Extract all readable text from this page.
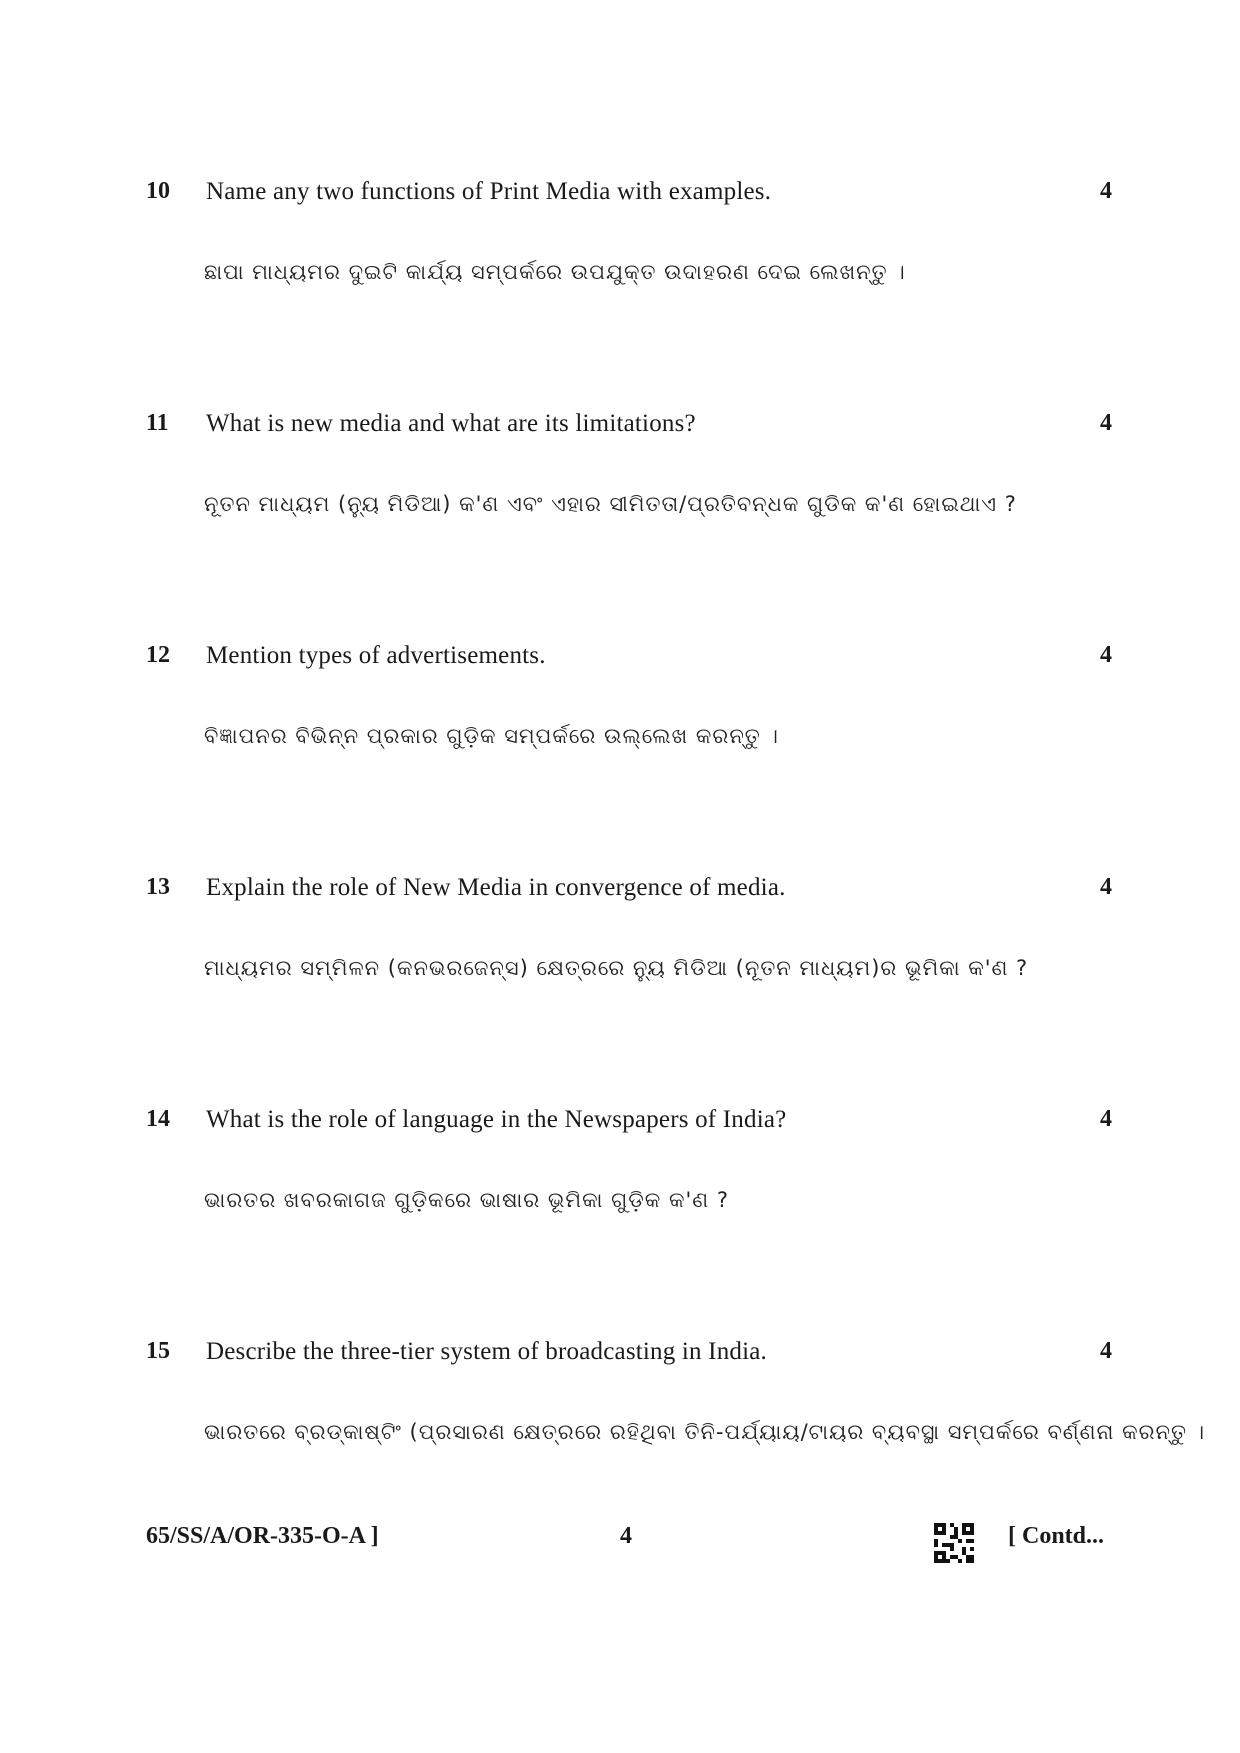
10 Name any two functions of Print Media with examples.	4
ଛାପା ମାଧ୍ୟମର ଦୁଇଟି କାର୍ଯ୍ୟ ସମ୍ପର୍କରେ ଉପଯୁକ୍ତ ଉଦାହରଣ ଦେଇ ଲେଖନ୍ତୁ ।
11 What is new media and what are its limitations?	4
ନୂତନ ମାଧ୍ୟମ (ନ୍ୟୁ ମିଡିଆ) କ'ଣ ଏବଂ ଏହାର ସୀମିତତା/ପ୍ରତିବନ୍ଧକ ଗୁଡିକ କ'ଣ ହୋଇଥାଏ ?
12 Mention types of advertisements.	4
ବିଜ୍ଞାପନର ବିଭିନ୍ନ ପ୍ରକାର ଗୁଡ଼ିକ ସମ୍ପର୍କରେ ଉଲ୍ଲେଖ କରନ୍ତୁ ।
13 Explain the role of New Media in convergence of media.	4
ମାଧ୍ୟମର ସମ୍ମିଳନ (କନଭରଜେନ୍ସ) କ୍ଷେତ୍ରରେ ନ୍ୟୁ ମିଡିଆ (ନୂତନ ମାଧ୍ୟମ)ର ଭୂମିକା କ'ଣ ?
14 What is the role of language in the Newspapers of India?	4
ଭାରତର ଖବରକାଗଜ ଗୁଡ଼ିକରେ ଭାଷାର ଭୂମିକା ଗୁଡ଼ିକ କ'ଣ ?
15 Describe the three-tier system of broadcasting in India.	4
ଭାରତରେ ବ୍ରଡ୍‌କାଷ୍ଟିଂ (ପ୍ରସାରଣ କ୍ଷେତ୍ରରେ ରହିଥିବା ତିନି-ପର୍ଯ୍ୟାୟ/ଟାୟର ବ୍ୟବସ୍ଥା ସମ୍ପର୍କରେ ବର୍ଣ୍ଣନା କରନ୍ତୁ ।
65/SS/A/OR-335-O-A ]	4	[ Contd...
